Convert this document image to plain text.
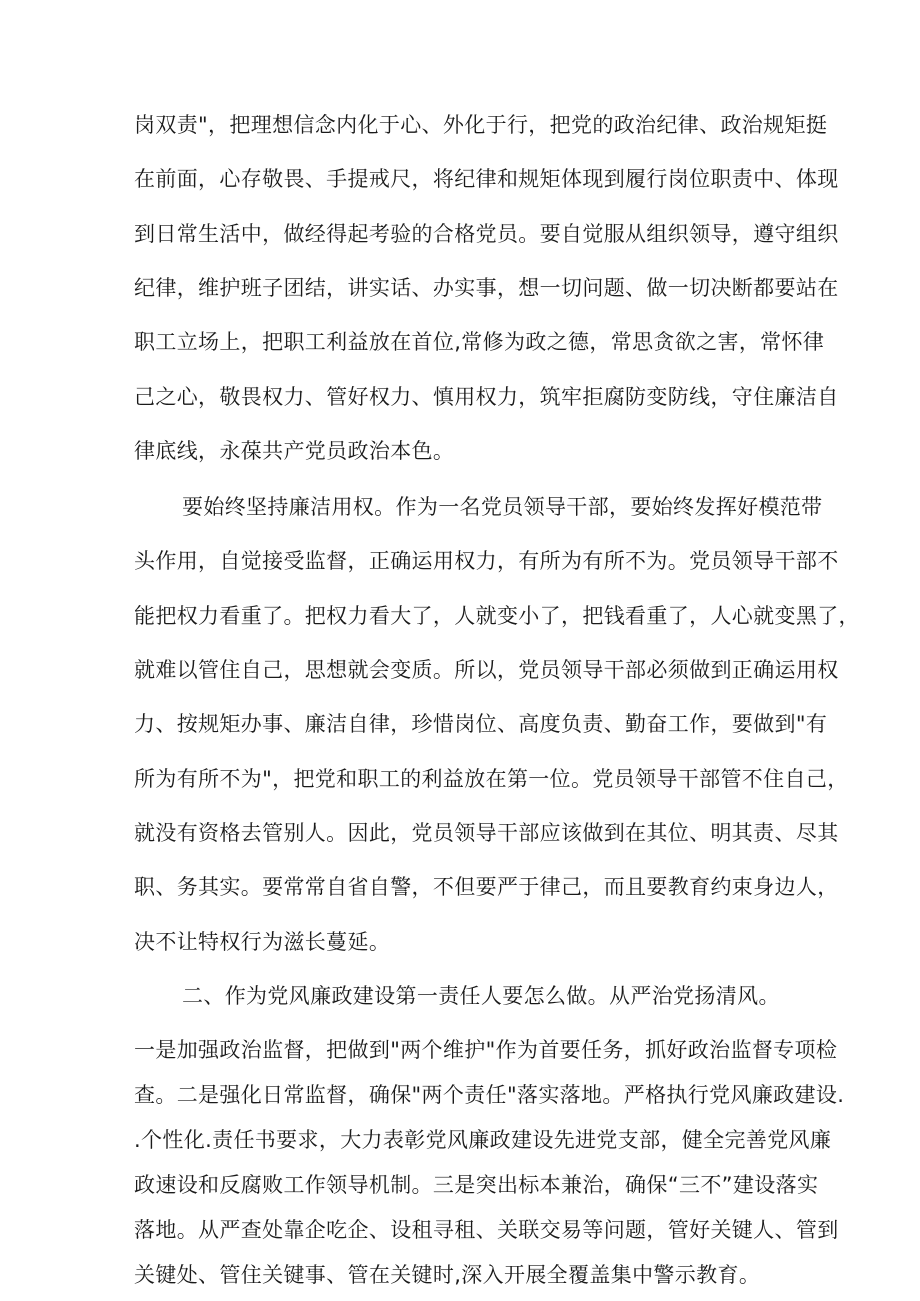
岗双责"，把理想信念内化于心、外化于行，把党的政治纪律、政治规矩挺
在前面，心存敬畏、手提戒尺，将纪律和规矩体现到履行岗位职责中、体现
到日常生活中，做经得起考验的合格党员。要自觉服从组织领导，遵守组织
纪律，维护班子团结，讲实话、办实事，想一切问题、做一切决断都要站在
职工立场上，把职工利益放在首位,常修为政之德，常思贪欲之害，常怀律
己之心，敬畏权力、管好权力、慎用权力，筑牢拒腐防变防线，守住廉洁自
律底线，永葆共产党员政治本色。
要始终坚持廉洁用权。作为一名党员领导干部，要始终发挥好模范带
头作用，自觉接受监督，正确运用权力，有所为有所不为。党员领导干部不
能把权力看重了。把权力看大了，人就变小了，把钱看重了，人心就变黑了，
就难以管住自己，思想就会变质。所以，党员领导干部必须做到正确运用权
力、按规矩办事、廉洁自律，珍惜岗位、高度负责、勤奋工作，要做到"有
所为有所不为"，把党和职工的利益放在第一位。党员领导干部管不住自己，
就没有资格去管别人。因此，党员领导干部应该做到在其位、明其责、尽其
职、务其实。要常常自省自警，不但要严于律己，而且要教育约束身边人，
决不让特权行为滋长蔓延。
二、作为党风廉政建设第一责任人要怎么做。从严治党扬清风。
一是加强政治监督，把做到"两个维护"作为首要任务，抓好政治监督专项检
查。二是强化日常监督，确保"两个责任"落实落地。严格执行党风廉政建设.
.个性化.责任书要求，大力表彰党风廉政建设先进党支部，健全完善党风廉
政速设和反腐败工作领导机制。三是突出标本兼治，确保“三不”建设落实
落地。从严查处靠企吃企、设租寻租、关联交易等问题，管好关键人、管到
关键处、管住关键事、管在关键时,深入开展全覆盖集中警示教育。
